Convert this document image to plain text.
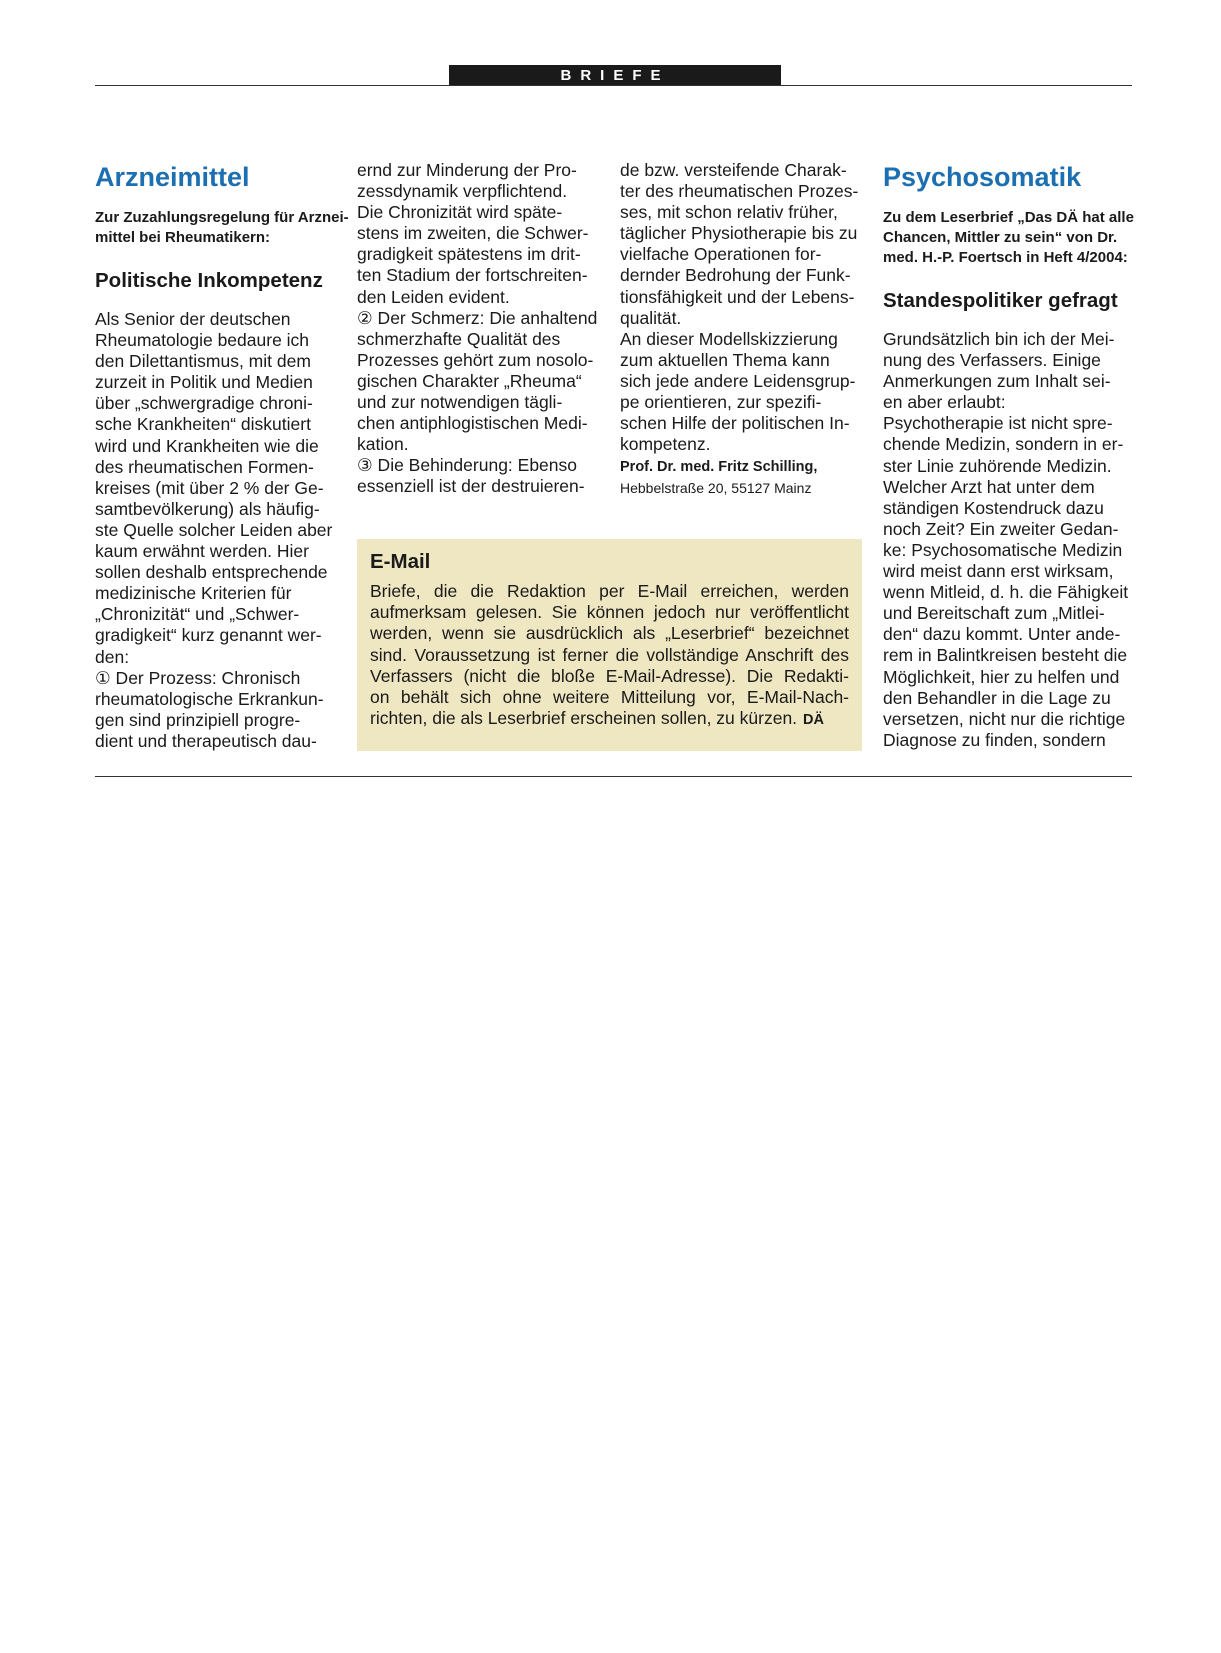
BRIEFE
Arzneimittel
Zur Zuzahlungsregelung für Arznei-
mittel bei Rheumatikern:
Politische Inkompetenz
Als Senior der deutschen
Rheumatologie bedaure ich
den Dilettantismus, mit dem
zurzeit in Politik und Medien
über „schwergradige chroni-
sche Krankheiten“ diskutiert
wird und Krankheiten wie die
des rheumatischen Formen-
kreises (mit über 2 % der Ge-
samtbevölkerung) als häufig-
ste Quelle solcher Leiden aber
kaum erwähnt werden. Hier
sollen deshalb entsprechende
medizinische Kriterien für
„Chronizität“ und „Schwer-
gradigkeit“ kurz genannt wer-
den:
① Der Prozess: Chronisch
rheumatologische Erkrankun-
gen sind prinzipiell progre-
dient und therapeutisch dau-
ernd zur Minderung der Pro-
zessdynamik verpflichtend.
Die Chronizität wird späte-
stens im zweiten, die Schwer-
gradigkeit spätestens im drit-
ten Stadium der fortschreiten-
den Leiden evident.
② Der Schmerz: Die anhaltend
schmerzhafte Qualität des
Prozesses gehört zum nosolo-
gischen Charakter „Rheuma“
und zur notwendigen tägli-
chen antiphlogistischen Medi-
kation.
③ Die Behinderung: Ebenso
essenziell ist der destruieren-
de bzw. versteifende Charak-
ter des rheumatischen Prozes-
ses, mit schon relativ früher,
täglicher Physiotherapie bis zu
vielfache Operationen for-
dernder Bedrohung der Funk-
tionsfähigkeit und der Lebens-
qualität.
An dieser Modellskizzierung
zum aktuellen Thema kann
sich jede andere Leidensgrup-
pe orientieren, zur spezifi-
schen Hilfe der politischen In-
kompetenz.
Prof. Dr. med. Fritz Schilling,
Hebbelstraße 20, 55127 Mainz
Psychosomatik
Zu dem Leserbrief „Das DÄ hat alle
Chancen, Mittler zu sein“ von Dr.
med. H.-P. Foertsch in Heft 4/2004:
Standespolitiker gefragt
Grundsätzlich bin ich der Mei-
nung des Verfassers. Einige
Anmerkungen zum Inhalt sei-
en aber erlaubt:
Psychotherapie ist nicht spre-
chende Medizin, sondern in er-
ster Linie zuhörende Medizin.
Welcher Arzt hat unter dem
ständigen Kostendruck dazu
noch Zeit? Ein zweiter Gedan-
ke: Psychosomatische Medizin
wird meist dann erst wirksam,
wenn Mitleid, d. h. die Fähigkeit
und Bereitschaft zum „Mitlei-
den“ dazu kommt. Unter ande-
rem in Balintkreisen besteht die
Möglichkeit, hier zu helfen und
den Behandler in die Lage zu
versetzen, nicht nur die richtige
Diagnose zu finden, sondern
E-Mail
Briefe, die die Redaktion per E-Mail erreichen, werden
aufmerksam gelesen. Sie können jedoch nur veröffentlicht
werden, wenn sie ausdrücklich als „Leserbrief“ bezeichnet
sind. Voraussetzung ist ferner die vollständige Anschrift des
Verfassers (nicht die bloße E-Mail-Adresse). Die Redakti-
on behält sich ohne weitere Mitteilung vor, E-Mail-Nach-
richten, die als Leserbrief erscheinen sollen, zu kürzen. DÄ
